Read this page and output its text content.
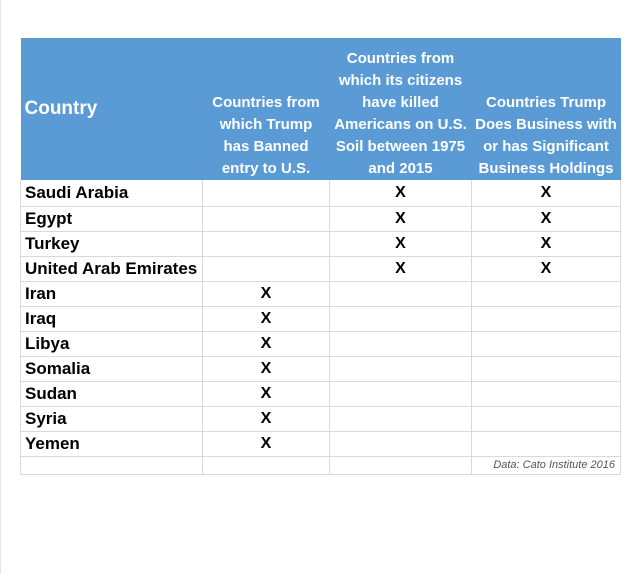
Country	Countries from which Trump has Banned entry to U.S.	Countries from which its citizens have killed Americans on U.S. Soil between 1975 and 2015	Countries Trump Does Business with or has Significant Business Holdings

Saudi Arabia		X	X
Egypt		X	X
Turkey		X	X
United Arab Emirates		X	X
Iran	X		
Iraq	X		
Libya	X		
Somalia	X		
Sudan	X		
Syria	X		
Yemen	X		
			Data: Cato Institute 2016
